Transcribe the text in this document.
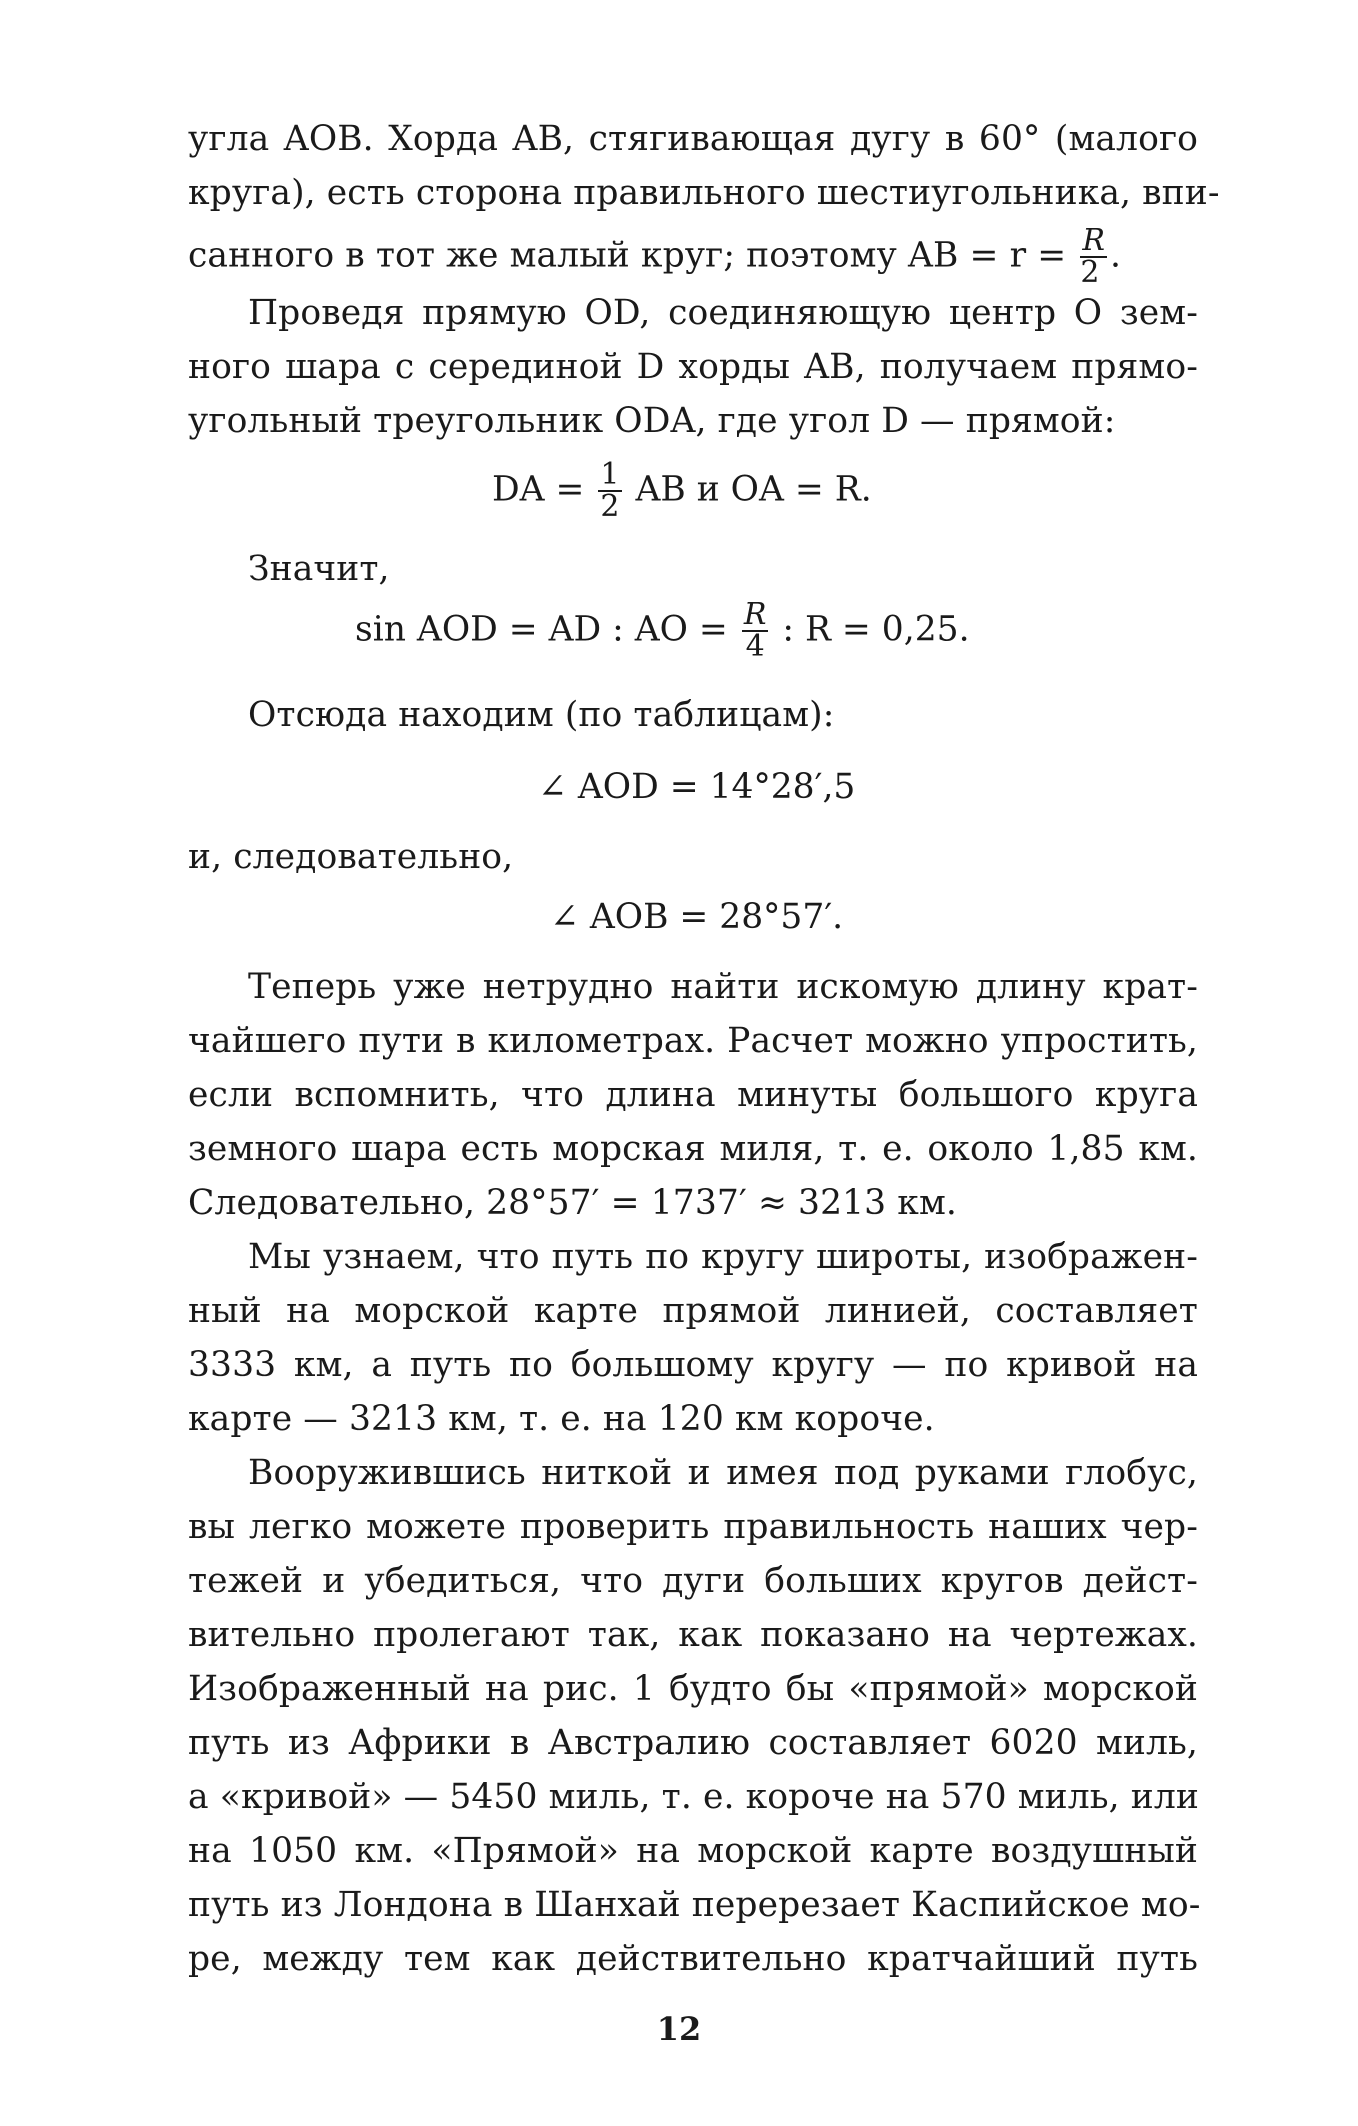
угла AOB. Хорда AB, стягивающая дугу в 60° (малого
круга), есть сторона правильного шестиугольника, впи-
санного в тот же малый круг; поэтому AB = $r = \frac{R}{2}$ .
Проведя прямую OD, соединяющую центр O зем-
ного шара с серединой D хорды AB, получаем прямо-
угольный треугольник ODA, где угол D — прямой:
DA = $\frac{1}{2}$ AB и OA = R.
Значит,
sin AOD = AD : AO = $\frac{R}{4}$ : R = 0,25.
Отсюда находим (по таблицам):
∠ AOD = 14°28′,5
и, следовательно,
∠ AOB = 28°57′.
Теперь уже нетрудно найти искомую длину крат-
чайшего пути в километрах. Расчет можно упростить,
если вспомнить, что длина минуты большого круга
земного шара есть морская миля, т. е. около 1,85 км.
Следовательно, 28°57′ = 1737′ ≈ 3213 км.
Мы узнаем, что путь по кругу широты, изображен-
ный на морской карте прямой линией, составляет
3333 км, а путь по большому кругу — по кривой на
карте — 3213 км, т. е. на 120 км короче.
Вооружившись ниткой и имея под руками глобус,
вы легко можете проверить правильность наших чер-
тежей и убедиться, что дуги больших кругов дейст-
вительно пролегают так, как показано на чертежах.
Изображенный на рис. 1 будто бы «прямой» морской
путь из Африки в Австралию составляет 6020 миль,
а «кривой» — 5450 миль, т. е. короче на 570 миль, или
на 1050 км. «Прямой» на морской карте воздушный
путь из Лондона в Шанхай перерезает Каспийское мо-
ре, между тем как действительно кратчайший путь
12
